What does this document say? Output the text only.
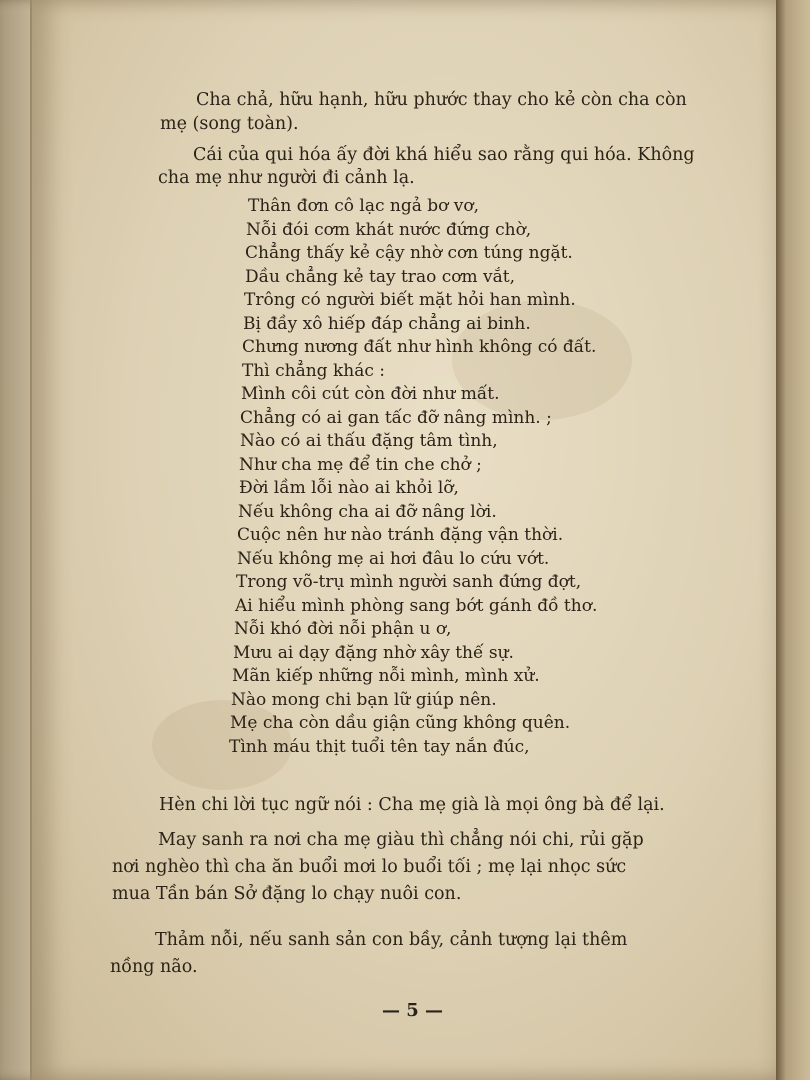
Cha chả, hữu hạnh, hữu phước thay cho kẻ còn cha còn
mẹ (song toàn).
Cái của qui hóa ấy đời khá hiểu sao rằng qui hóa. Không
cha mẹ như người đi cảnh lạ.
Thân đơn cô lạc ngả bơ vơ,
Nỗi đói cơm khát nước đứng chờ,
Chẳng thấy kẻ cậy nhờ cơn túng ngặt.
Dầu chẳng kẻ tay trao cơm vắt,
Trông có người biết mặt hỏi han mình.
Bị đầy xô hiếp đáp chẳng ai binh.
Chưng nương đất như hình không có đất.
Thì chẳng khác :
Mình côi cút còn đời như mất.
Chẳng có ai gan tấc đỡ nâng mình. ;
Nào có ai thấu đặng tâm tình,
Như cha mẹ để tin che chở ;
Đời lầm lỗi nào ai khỏi lỡ,
Nếu không cha ai đỡ nâng lời.
Cuộc nên hư nào tránh đặng vận thời.
Nếu không mẹ ai hơi đâu lo cứu vớt.
Trong võ-trụ mình người sanh đứng đợt,
Ai hiểu mình phòng sang bớt gánh đồ thơ.
Nỗi khó đời nỗi phận u ơ,
Mưu ai dạy đặng nhờ xây thế sự.
Mãn kiếp những nỗi mình, mình xử.
Nào mong chi bạn lữ giúp nên.
Mẹ cha còn dầu giận cũng không quên.
Tình máu thịt tuổi tên tay nắn đúc,
Hèn chi lời tục ngữ nói : Cha mẹ già là mọi ông bà để lại.
May sanh ra nơi cha mẹ giàu thì chẳng nói chi, rủi gặp
nơi nghèo thì cha ăn buổi mơi lo buổi tối ; mẹ lại nhọc sức
mua Tần bán Sở đặng lo chạy nuôi con.
Thảm nỗi, nếu sanh sản con bầy, cảnh tượng lại thêm
nồng não.
— 5 —
